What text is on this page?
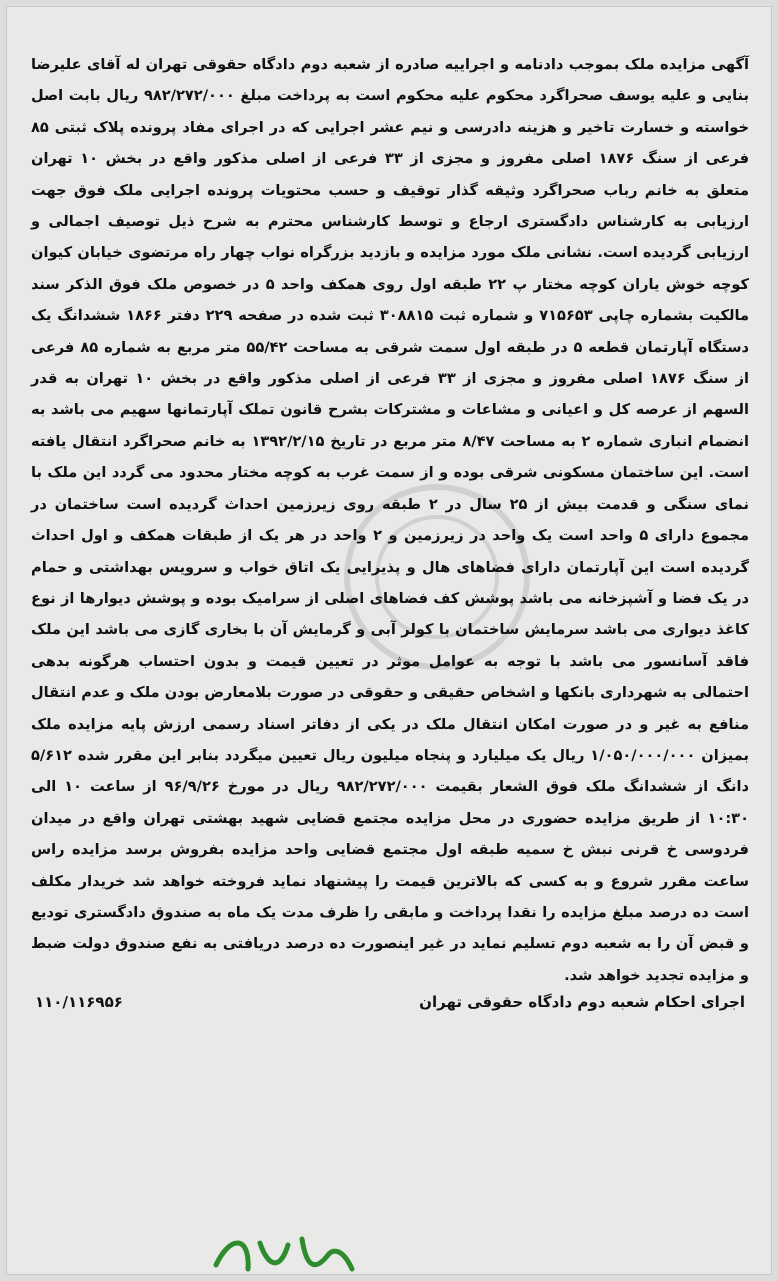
آگهی مزایده ملک بموجب دادنامه و اجراییه صادره از شعبه دوم دادگاه حقوقی تهران له آقای علیرضا بنایی و علیه یوسف صحراگرد محکوم علیه محکوم است به پرداخت مبلغ ۹۸۲/۲۷۲/۰۰۰ ریال بابت اصل خواسته و خسارت تاخیر و هزینه دادرسی و نیم عشر اجرایی که در اجرای مفاد پرونده پلاک ثبتی ۸۵ فرعی از سنگ ۱۸۷۶ اصلی مفروز و مجزی از ۳۳ فرعی از اصلی مذکور واقع در بخش ۱۰ تهران متعلق به خانم رباب صحراگرد وثیقه گذار توقیف و حسب محتویات پرونده اجرایی ملک فوق جهت ارزیابی به کارشناس دادگستری ارجاع و توسط کارشناس محترم به شرح ذیل توصیف اجمالی و ارزیابی گردیده است. نشانی ملک مورد مزایده و بازدید بزرگراه نواب چهار راه مرتضوی خیابان کیوان کوچه خوش یاران کوچه مختار پ ۲۲ طبقه اول روی همکف واحد ۵ در خصوص ملک فوق الذکر سند مالکیت بشماره چاپی ۷۱۵۶۵۳ و شماره ثبت ۳۰۸۸۱۵ ثبت شده در صفحه ۲۲۹ دفتر ۱۸۶۶ ششدانگ یک دستگاه آپارتمان قطعه ۵ در طبقه اول سمت شرقی به مساحت ۵۵/۴۲ متر مربع به شماره ۸۵ فرعی از سنگ ۱۸۷۶ اصلی مفروز و مجزی از ۳۳ فرعی از اصلی مذکور واقع در بخش ۱۰ تهران به قدر السهم از عرصه کل و اعیانی و مشاعات و مشترکات بشرح قانون تملک آپارتمانها سهیم می باشد به انضمام انباری شماره ۲ به مساحت ۸/۴۷ متر مربع در تاریخ ۱۳۹۲/۲/۱۵ به خانم صحراگرد انتقال یافته است. این ساختمان مسکونی شرقی بوده و از سمت غرب به کوچه مختار محدود می گردد این ملک با نمای سنگی و قدمت بیش از ۲۵ سال در ۲ طبقه روی زیرزمین احداث گردیده است ساختمان در مجموع دارای ۵ واحد است یک واحد در زیرزمین و ۲ واحد در هر یک از طبقات همکف و اول احداث گردیده است این آپارتمان دارای فضاهای هال و پذیرایی یک اتاق خواب و سرویس بهداشتی و حمام در یک فضا و آشپزخانه می باشد پوشش کف فضاهای اصلی از سرامیک بوده و پوشش دیوارها از نوع کاغذ دیواری می باشد سرمایش ساختمان با کولر آبی و گرمایش آن با بخاری گازی می باشد این ملک فاقد آسانسور می باشد با توجه به عوامل موثر در تعیین قیمت و بدون احتساب هرگونه بدهی احتمالی به شهرداری بانکها و اشخاص حقیقی و حقوقی در صورت بلامعارض بودن ملک و عدم انتقال منافع به غیر و در صورت امکان انتقال ملک در یکی از دفاتر اسناد رسمی ارزش پایه مزایده ملک بمیزان ۱/۰۵۰/۰۰۰/۰۰۰ ریال یک میلیارد و پنجاه میلیون ریال تعیین میگردد بنابر این مقرر شده ۵/۶۱۲ دانگ از ششدانگ ملک فوق الشعار بقیمت ۹۸۲/۲۷۲/۰۰۰ ریال در مورخ ۹۶/۹/۲۶ از ساعت ۱۰ الی ۱۰:۳۰ از طریق مزایده حضوری در محل مزایده مجتمع قضایی شهید بهشتی تهران واقع در میدان فردوسی خ قرنی نبش خ سمیه طبقه اول مجتمع قضایی واحد مزایده بفروش برسد مزایده راس ساعت مقرر شروع و به کسی که بالاترین قیمت را پیشنهاد نماید فروخته خواهد شد خریدار مکلف است ده درصد مبلغ مزایده را نقدا پرداخت و مابقی را ظرف مدت یک ماه به صندوق دادگستری تودیع و قبض آن را به شعبه دوم تسلیم نماید در غیر اینصورت ده درصد دریافتی به نفع صندوق دولت ضبط و مزایده تجدید خواهد شد.

اجرای احکام شعبه دوم دادگاه حقوقی تهران
۱۱۰/۱۱۶۹۵۶
